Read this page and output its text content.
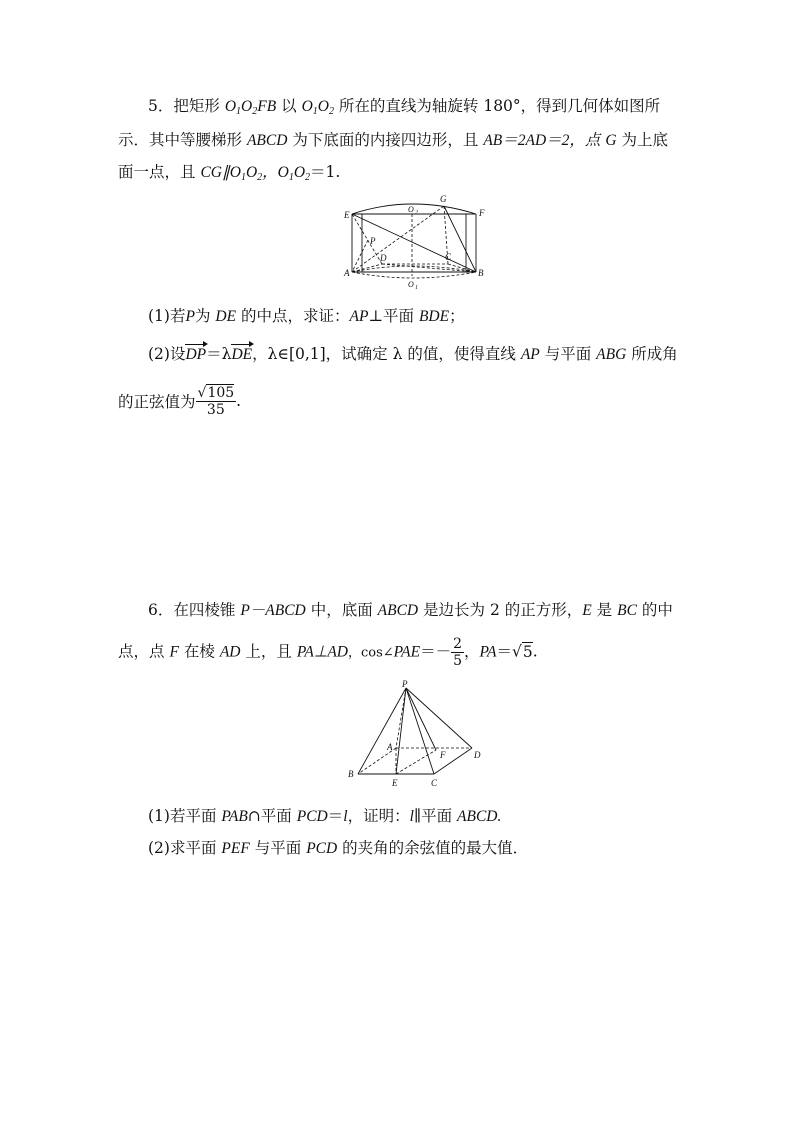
5．把矩形 $O_1O_2FB$ 以 $O_1O_2$ 所在的直线为轴旋转 180°，得到几何体如图所
示．其中等腰梯形 ABCD 为下底面的内接四边形，且 AB＝2AD＝2，点 G 为上底
面一点，且 $CG\parallel O_1O_2$，$O_1O_2=1$.
E	F
G
O 2
P
D	C
A	B
O 1
(1)若P为 DE 的中点，求证：AP⊥平面 BDE；
(2)设DP＝λDE，λ∈[0,1]，试确定 λ 的值，使得直线 AP 与平面 ABG 所成角
的正弦值为 $\frac{√105}{35}$ .
6．在四棱锥 P－ABCD 中，底面 ABCD 是边长为 2 的正方形，E 是 BC 的中
点，点 F 在棱 AD 上，且 PA⊥AD，cos∠PAE＝－ $\frac{2}{5}$ ，PA＝√5.
P
A
F	D
B
E	C
(1)若平面 PAB∩平面 PCD＝l，证明：l∥平面 ABCD.
(2)求平面 PEF 与平面 PCD 的夹角的余弦值的最大值．
